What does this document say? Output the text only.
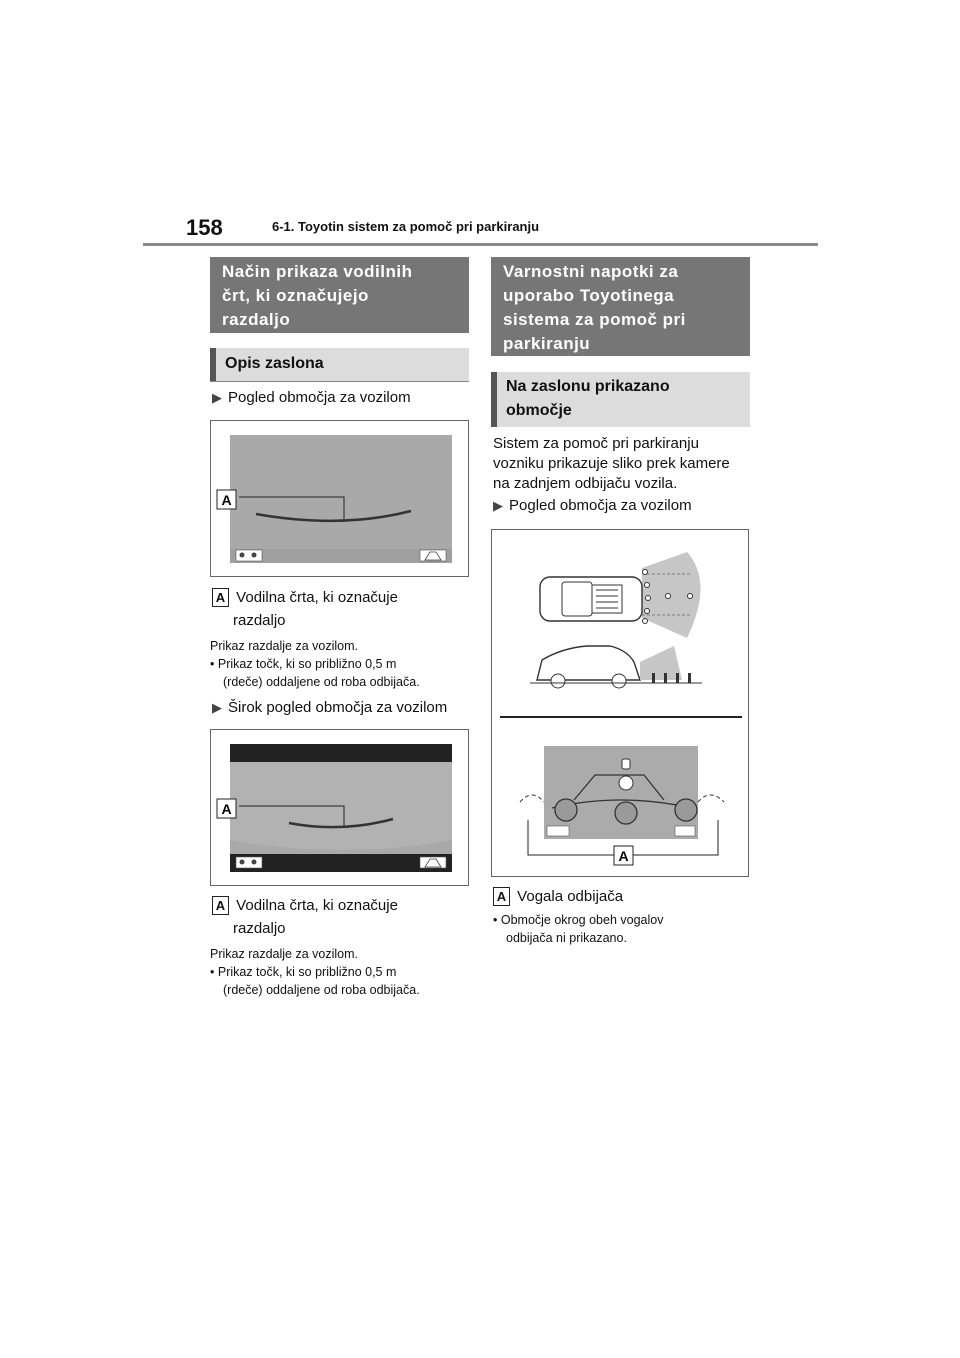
158	6-1. Toyotin sistem za pomoč pri parkiranju
Način prikaza vodilnih
črt, ki označujejo
razdaljo
Opis zaslona
▶ Pogled območja za vozilom
A
A Vodilna črta, ki označuje
razdaljo
Prikaz razdalje za vozilom.
• Prikaz točk, ki so približno 0,5 m
(rdeče) oddaljene od roba odbijača.
▶ Širok pogled območja za vozilom
A
A Vodilna črta, ki označuje
razdaljo
Prikaz razdalje za vozilom.
• Prikaz točk, ki so približno 0,5 m
(rdeče) oddaljene od roba odbijača.
Varnostni napotki za
uporabo Toyotinega
sistema za pomoč pri
parkiranju
Na zaslonu prikazano
območje
Sistem za pomoč pri parkiranju
vozniku prikazuje sliko prek kamere
na zadnjem odbijaču vozila.
▶ Pogled območja za vozilom
A
A Vogala odbijača
• Območje okrog obeh vogalov
odbijača ni prikazano.
